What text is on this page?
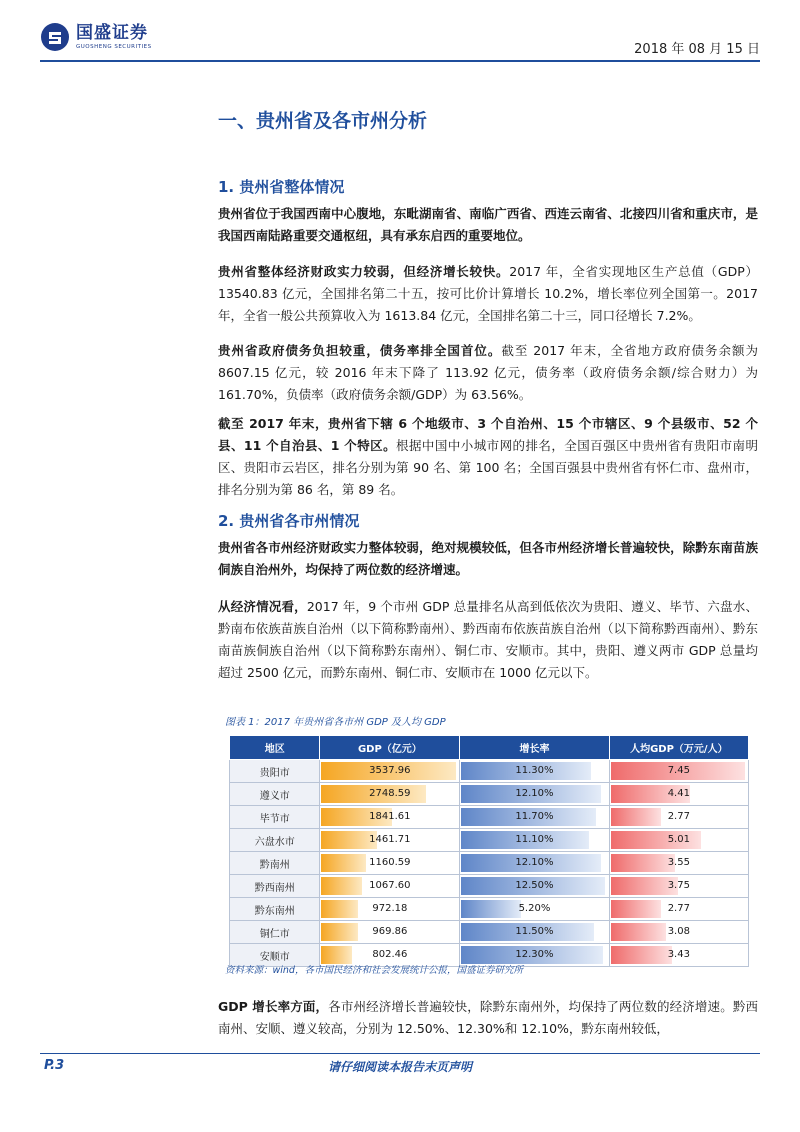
国盛证券
GUOSHENG SECURITIES	2018 年 08 月 15 日
一、贵州省及各市州分析
1. 贵州省整体情况
贵州省位于我国西南中心腹地，东毗湖南省、南临广西省、西连云南省、北接四川省和重庆市，是我国西南陆路重要交通枢纽，具有承东启西的重要地位。
贵州省整体经济财政实力较弱，但经济增长较快。2017 年，全省实现地区生产总值（GDP）13540.83 亿元，全国排名第二十五，按可比价计算增长 10.2%，增长率位列全国第一。2017 年，全省一般公共预算收入为 1613.84 亿元，全国排名第二十三，同口径增长 7.2%。
贵州省政府债务负担较重，债务率排全国首位。截至 2017 年末，全省地方政府债务余额为 8607.15 亿元，较 2016 年末下降了 113.92 亿元，债务率（政府债务余额/综合财力）为 161.70%，负债率（政府债务余额/GDP）为 63.56%。
截至 2017 年末，贵州省下辖 6 个地级市、3 个自治州、15 个市辖区、9 个县级市、52 个县、11 个自治县、1 个特区。根据中国中小城市网的排名，全国百强区中贵州省有贵阳市南明区、贵阳市云岩区，排名分别为第 90 名、第 100 名；全国百强县中贵州省有怀仁市、盘州市，排名分别为第 86 名，第 89 名。
2. 贵州省各市州情况
贵州省各市州经济财政实力整体较弱，绝对规模较低，但各市州经济增长普遍较快，除黔东南苗族侗族自治州外，均保持了两位数的经济增速。
从经济情况看，2017 年，9 个市州 GDP 总量排名从高到低依次为贵阳、遵义、毕节、六盘水、黔南布依族苗族自治州（以下简称黔南州）、黔西南布依族苗族自治州（以下简称黔西南州）、黔东南苗族侗族自治州（以下简称黔东南州）、铜仁市、安顺市。其中，贵阳、遵义两市 GDP 总量均超过 2500 亿元，而黔东南州、铜仁市、安顺市在 1000 亿元以下。
图表 1：2017 年贵州省各市州 GDP 及人均 GDP
地区	GDP（亿元）	增长率	人均GDP（万元/人）
贵阳市	3537.96	11.30%	7.45

遵义市	2748.59	12.10%	4.41

毕节市	1841.61	11.70%	2.77

六盘水市	1461.71	11.10%	5.01

黔南州	1160.59	12.10%	3.55

黔西南州	1067.60	12.50%	3.75

黔东南州	972.18	5.20%	2.77

铜仁市	969.86	11.50%	3.08

安顺市	802.46	12.30%	3.43
资料来源：wind，各市国民经济和社会发展统计公报，国盛证券研究所
GDP 增长率方面，各市州经济增长普遍较快，除黔东南州外，均保持了两位数的经济增速。黔西南州、安顺、遵义较高，分别为 12.50%、12.30%和 12.10%，黔东南州较低，
P.3	请仔细阅读本报告末页声明
